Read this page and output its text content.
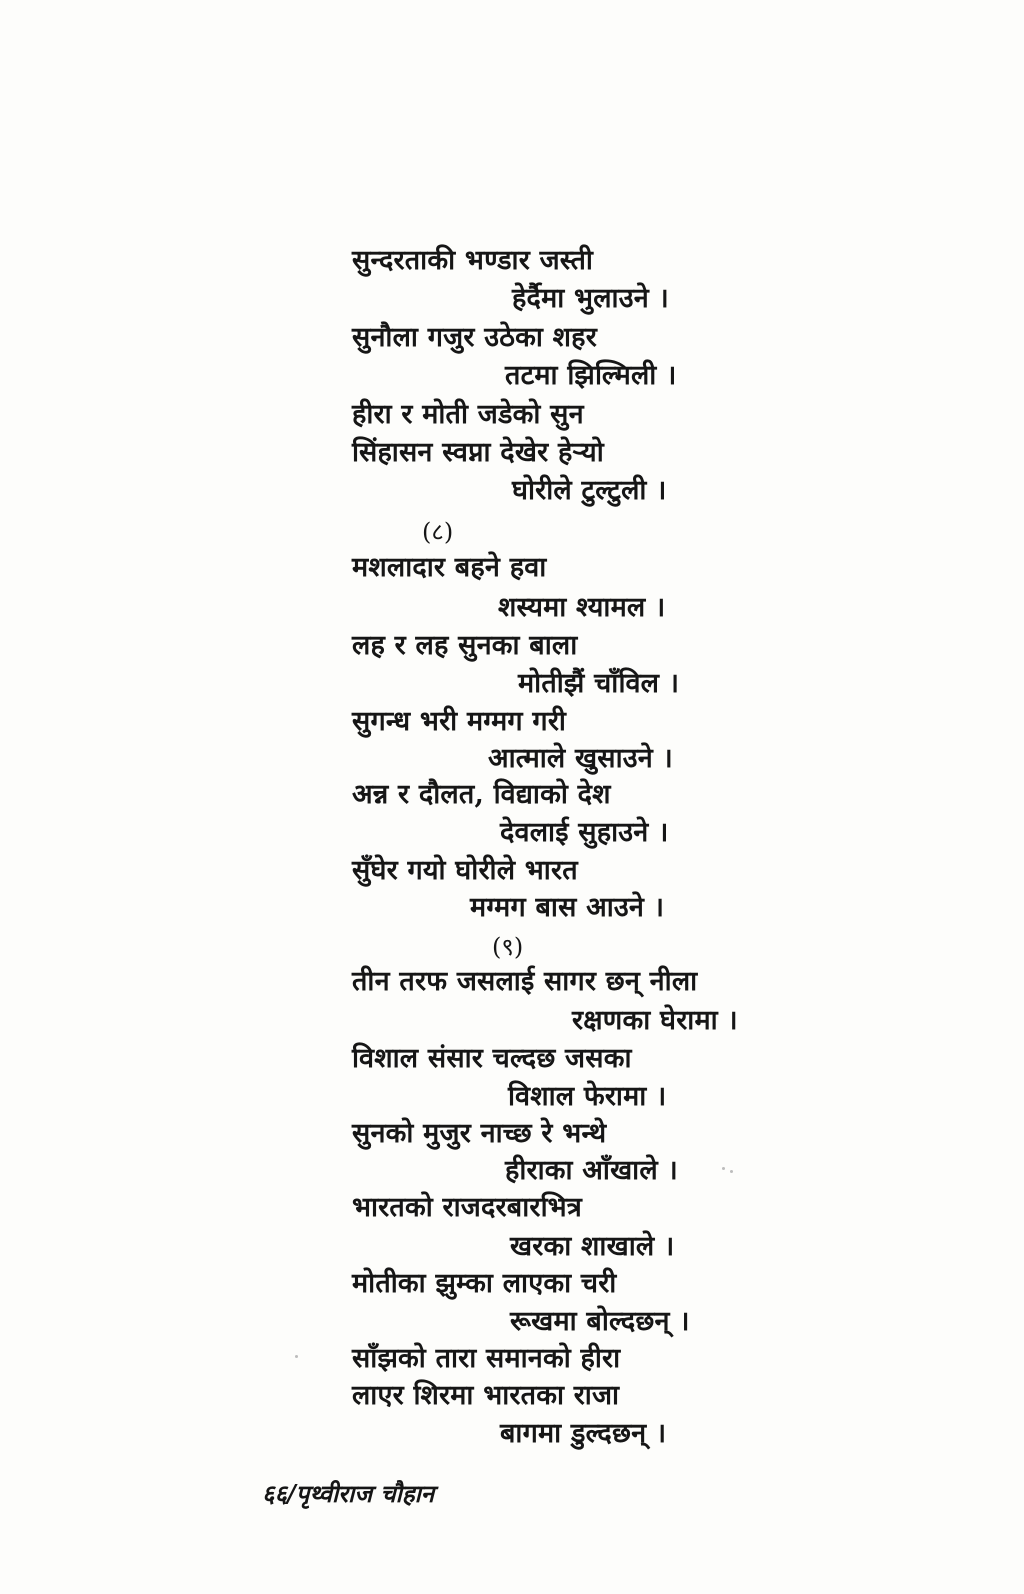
सुन्दरताकी भण्डार जस्ती
हेर्दैमा भुलाउने ।
सुनौला गजुर उठेका शहर
तटमा झिल्मिली ।
हीरा र मोती जडेको सुन
सिंहासन स्वप्ना देखेर हेर्‍यो
घोरीले टुल्टुली ।
(८)
मशलादार बहने हवा
शस्यमा श्यामल ।
लह र लह सुनका बाला
मोतीझैं चाँविल ।
सुगन्ध भरी मग्मग गरी
आत्माले खुसाउने ।
अन्न र दौलत, विद्याको देश
देवलाई सुहाउने ।
सुँघेर गयो घोरीले भारत
मग्मग बास आउने ।
(९)
तीन तरफ जसलाई सागर छन् नीला
रक्षणका घेरामा ।
विशाल संसार चल्दछ जसका
विशाल फेरामा ।
सुनको मुजुर नाच्छ रे भन्थे
हीराका आँखाले ।
भारतको राजदरबारभित्र
खरका शाखाले ।
मोतीका झुम्का लाएका चरी
रूखमा बोल्दछन् ।
साँझको तारा समानको हीरा
लाएर शिरमा भारतका राजा
बागमा डुल्दछन् ।
६६/पृथ्वीराज चौहान
